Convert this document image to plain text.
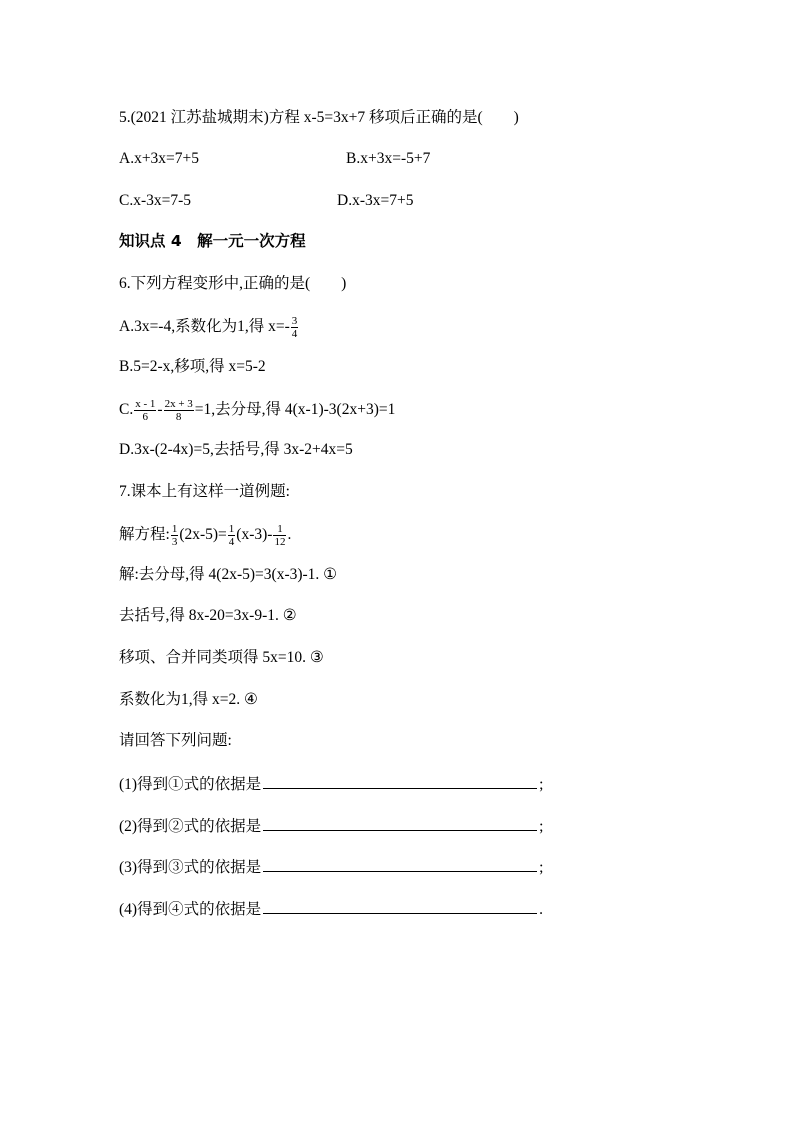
5.(2021 江苏盐城期末)方程 x-5=3x+7 移项后正确的是(　　)
A.x+3x=7+5	B.x+3x=-5+7
C.x-3x=7-5	D.x-3x=7+5
知识点 4　解一元一次方程
6.下列方程变形中,正确的是(　　)
A.3x=-4,系数化为1,得 $x=- \frac{3}{4}$
B.5=2-x,移项,得 x=5-2
C. $\frac{x - 1}{6} - \frac{2x + 3}{8} =1$,去分母,得 4(x-1)-3(2x+3)=1
D.3x-(2-4x)=5,去括号,得 3x-2+4x=5
7.课本上有这样一道例题:
解方程: $\frac{1}{3} (2x-5)= \frac{1}{4} (x-3)- \frac{1}{12}$ .
解:去分母,得 4(2x-5)=3(x-3)-1. ①
去括号,得 8x-20=3x-9-1. ②
移项、合并同类项得 5x=10. ③
系数化为1,得 x=2. ④
请回答下列问题:
(1)得到①式的依据是	;
(2)得到②式的依据是	;
(3)得到③式的依据是	;
(4)得到④式的依据是	.
